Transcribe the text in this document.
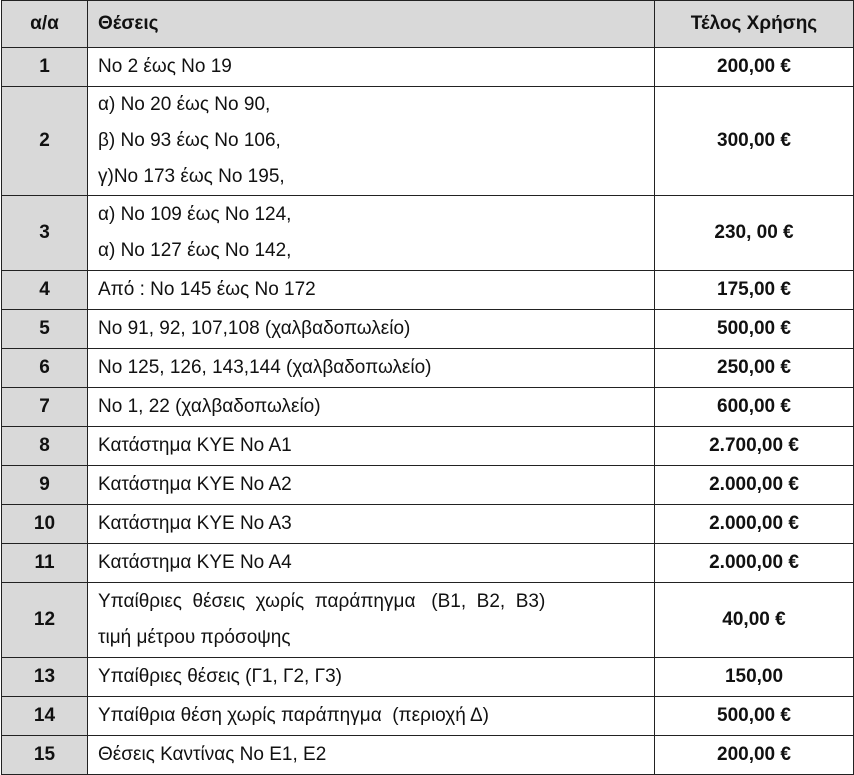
α/α	Θέσεις	Τέλος Χρήσης
1	Νο 2 έως Νο 19	200,00 €
2	α) Νο 20 έως Νο 90,
β) Νο 93 έως Νο 106,
γ)Νο 173 έως Νο 195,	300,00 €
3	α) Νο 109 έως Νο 124,
α) Νο 127 έως Νο 142,	230, 00 €
4	Από : Νο 145 έως Νο 172	175,00 €
5	Νο 91, 92, 107,108 (χαλβαδοπωλείο)	500,00 €
6	Νο 125, 126, 143,144 (χαλβαδοπωλείο)	250,00 €
7	Νο 1, 22 (χαλβαδοπωλείο)	600,00 €
8	Κατάστημα ΚΥΕ Νο Α1	2.700,00 €
9	Κατάστημα ΚΥΕ Νο Α2	2.000,00 €
10	Κατάστημα ΚΥΕ Νο Α3	2.000,00 €
11	Κατάστημα ΚΥΕ Νο Α4	2.000,00 €
12	Υπαίθριες  θέσεις  χωρίς  παράπηγμα   (Β1,  Β2,  Β3)
τιμή μέτρου πρόσοψης	40,00 €
13	Υπαίθριες θέσεις (Γ1, Γ2, Γ3)	150,00
14	Υπαίθρια θέση χωρίς παράπηγμα  (περιοχή Δ)	500,00 €
15	Θέσεις Καντίνας Νο Ε1, Ε2	200,00 €
